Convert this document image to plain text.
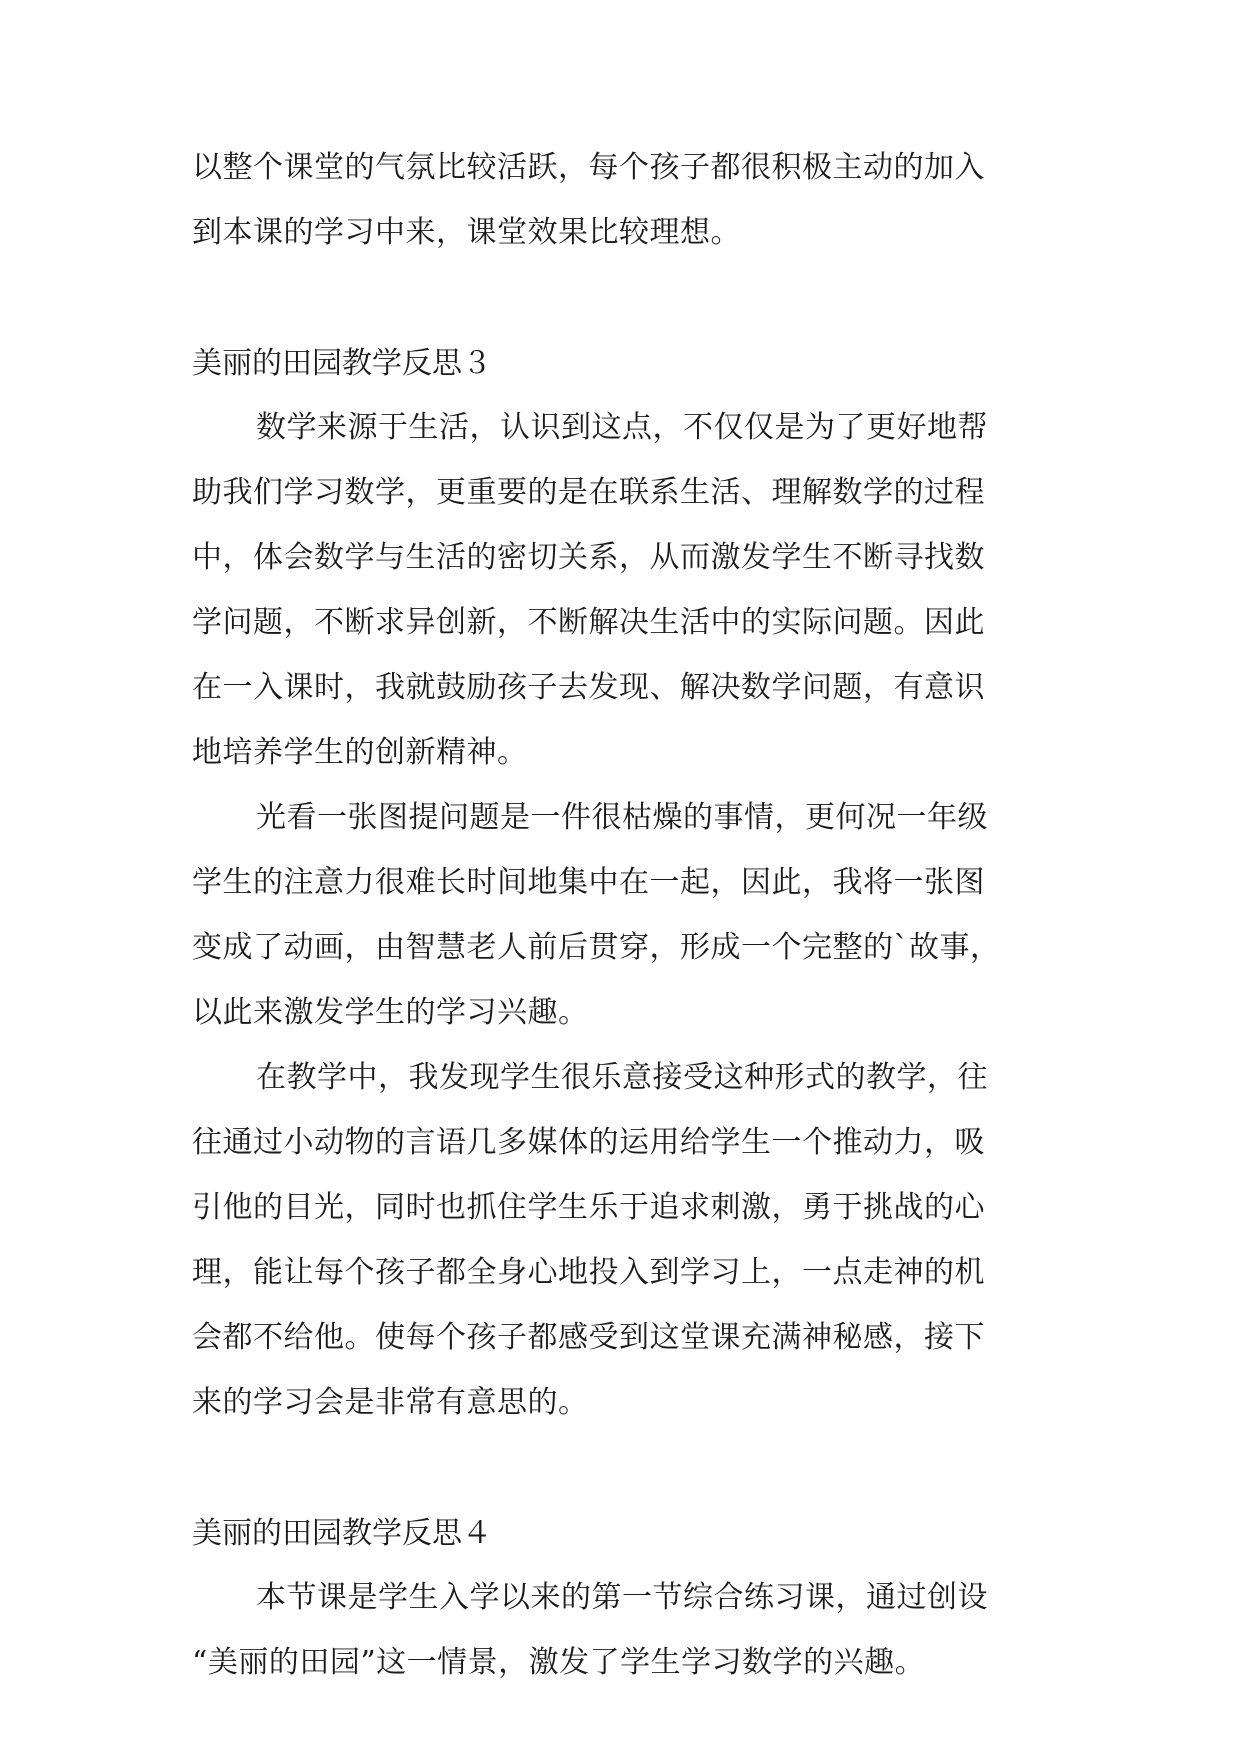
以整个课堂的气氛比较活跃，每个孩子都很积极主动的加入
到本课的学习中来，课堂效果比较理想。
美丽的田园教学反思３
数学来源于生活，认识到这点，不仅仅是为了更好地帮
助我们学习数学，更重要的是在联系生活、理解数学的过程
中，体会数学与生活的密切关系，从而激发学生不断寻找数
学问题，不断求异创新，不断解决生活中的实际问题。因此
在一入课时，我就鼓励孩子去发现、解决数学问题，有意识
地培养学生的创新精神。
光看一张图提问题是一件很枯燥的事情，更何况一年级
学生的注意力很难长时间地集中在一起，因此，我将一张图
变成了动画，由智慧老人前后贯穿，形成一个完整的`故事，
以此来激发学生的学习兴趣。
在教学中，我发现学生很乐意接受这种形式的教学，往
往通过小动物的言语几多媒体的运用给学生一个推动力，吸
引他的目光，同时也抓住学生乐于追求刺激，勇于挑战的心
理，能让每个孩子都全身心地投入到学习上，一点走神的机
会都不给他。使每个孩子都感受到这堂课充满神秘感，接下
来的学习会是非常有意思的。
美丽的田园教学反思４
本节课是学生入学以来的第一节综合练习课，通过创设
“美丽的田园”这一情景，激发了学生学习数学的兴趣。
